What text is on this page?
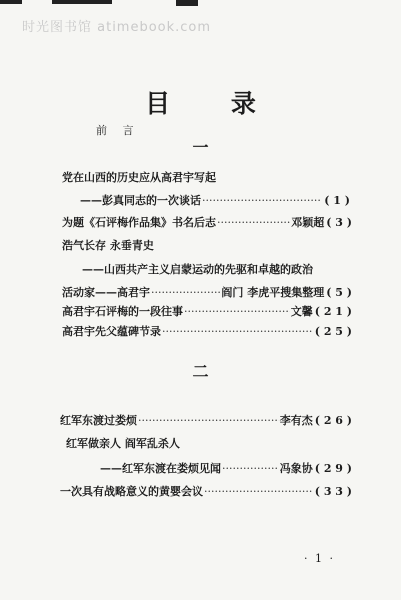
时光图书馆 atimebook.com
目 录
前 言
一
党在山西的历史应从高君宇写起
——彭真同志的一次谈话 ·····	( 1 )
为题《石评梅作品集》书名后志 ·····	邓颖超 ( 3 )
浩气长存 永垂青史
——山西共产主义启蒙运动的先驱和卓越的政治
活动家——高君宇 ·····	阎门 李虎平搜集整理 ( 5 )
高君宇石评梅的一段往事 ·····	文馨 ( 2 1 )
高君宇先父蕴碑节录 ·····	( 2 5 )
二
红军东渡过娄烦 ·····	李有杰 ( 2 6 )
红军做亲人 阎军乱杀人
——红军东渡在娄烦见闻 ·····	冯象协 ( 2 9 )
一次具有战略意义的黄婴会议 ·····	( 3 3 )
· 1 ·
